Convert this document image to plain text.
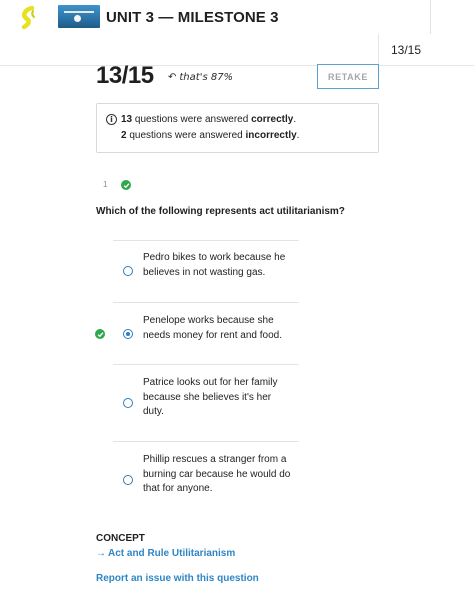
UNIT 3 — MILESTONE 3
13/15
13/15 ↶ that's 87%	RETAKE
i 13 questions were answered correctly.
2 questions were answered incorrectly.
1
Which of the following represents act utilitarianism?
Pedro bikes to work because he believes in not wasting gas.
Penelope works because she needs money for rent and food.
Patrice looks out for her family because she believes it's her duty.
Phillip rescues a stranger from a burning car because he would do that for anyone.
CONCEPT
→ Act and Rule Utilitarianism
Report an issue with this question
